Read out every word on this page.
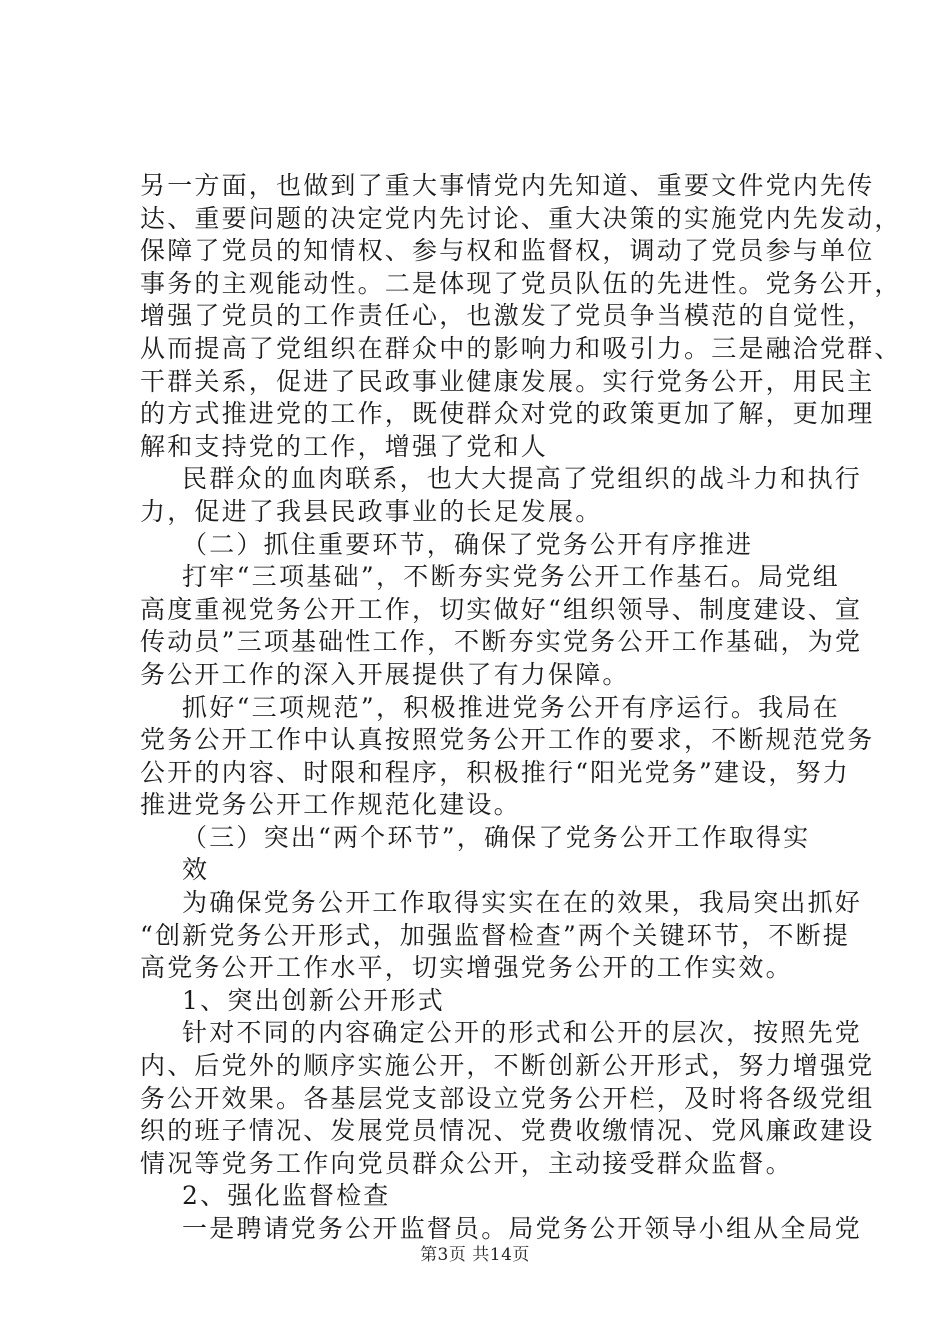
另一方面，也做到了重大事情党内先知道、重要文件党内先传
达、重要问题的决定党内先讨论、重大决策的实施党内先发动，
保障了党员的知情权、参与权和监督权，调动了党员参与单位
事务的主观能动性。二是体现了党员队伍的先进性。党务公开，
增强了党员的工作责任心，也激发了党员争当模范的自觉性，
从而提高了党组织在群众中的影响力和吸引力。三是融洽党群、
干群关系，促进了民政事业健康发展。实行党务公开，用民主
的方式推进党的工作，既使群众对党的政策更加了解，更加理
解和支持党的工作，增强了党和人
民群众的血肉联系，也大大提高了党组织的战斗力和执行
力，促进了我县民政事业的长足发展。
（二）抓住重要环节，确保了党务公开有序推进
打牢“三项基础”，不断夯实党务公开工作基石。局党组
高度重视党务公开工作，切实做好“组织领导、制度建设、宣
传动员”三项基础性工作，不断夯实党务公开工作基础，为党
务公开工作的深入开展提供了有力保障。
抓好“三项规范”，积极推进党务公开有序运行。我局在
党务公开工作中认真按照党务公开工作的要求，不断规范党务
公开的内容、时限和程序，积极推行“阳光党务”建设，努力
推进党务公开工作规范化建设。
（三）突出“两个环节”，确保了党务公开工作取得实
效
为确保党务公开工作取得实实在在的效果，我局突出抓好
“创新党务公开形式，加强监督检查”两个关键环节，不断提
高党务公开工作水平，切实增强党务公开的工作实效。
1、突出创新公开形式
针对不同的内容确定公开的形式和公开的层次，按照先党
内、后党外的顺序实施公开，不断创新公开形式，努力增强党
务公开效果。各基层党支部设立党务公开栏，及时将各级党组
织的班子情况、发展党员情况、党费收缴情况、党风廉政建设
情况等党务工作向党员群众公开，主动接受群众监督。
2、强化监督检查
一是聘请党务公开监督员。局党务公开领导小组从全局党
第3页 共14页
